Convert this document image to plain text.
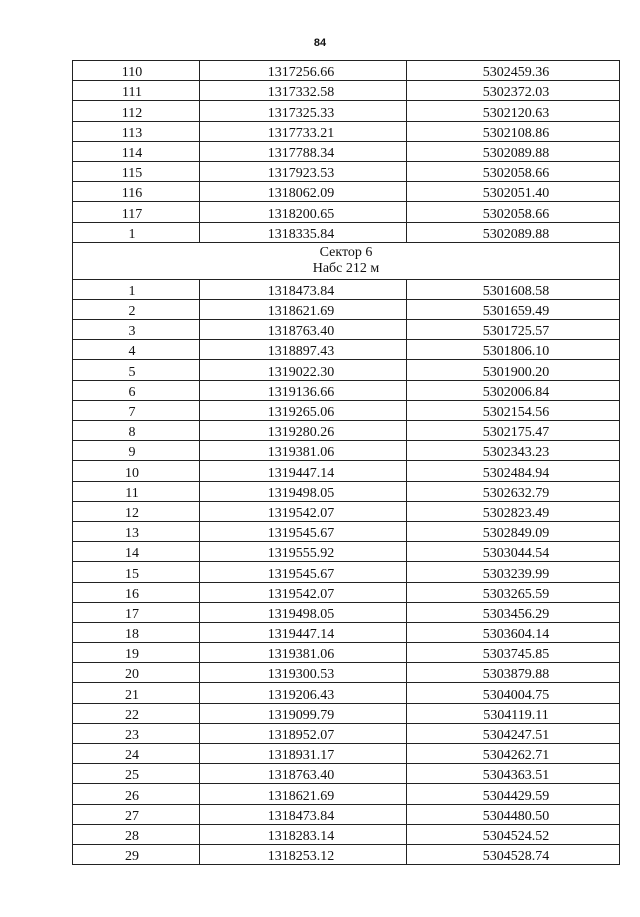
84
110	1317256.66	5302459.36
111	1317332.58	5302372.03
112	1317325.33	5302120.63
113	1317733.21	5302108.86
114	1317788.34	5302089.88
115	1317923.53	5302058.66
116	1318062.09	5302051.40
117	1318200.65	5302058.66
1	1318335.84	5302089.88

Сектор 6
Набс 212 м		

1	1318473.84	5301608.58
2	1318621.69	5301659.49
3	1318763.40	5301725.57
4	1318897.43	5301806.10
5	1319022.30	5301900.20
6	1319136.66	5302006.84
7	1319265.06	5302154.56
8	1319280.26	5302175.47
9	1319381.06	5302343.23
10	1319447.14	5302484.94
11	1319498.05	5302632.79
12	1319542.07	5302823.49
13	1319545.67	5302849.09
14	1319555.92	5303044.54
15	1319545.67	5303239.99
16	1319542.07	5303265.59
17	1319498.05	5303456.29
18	1319447.14	5303604.14
19	1319381.06	5303745.85
20	1319300.53	5303879.88
21	1319206.43	5304004.75
22	1319099.79	5304119.11
23	1318952.07	5304247.51
24	1318931.17	5304262.71
25	1318763.40	5304363.51
26	1318621.69	5304429.59
27	1318473.84	5304480.50
28	1318283.14	5304524.52
29	1318253.12	5304528.74
